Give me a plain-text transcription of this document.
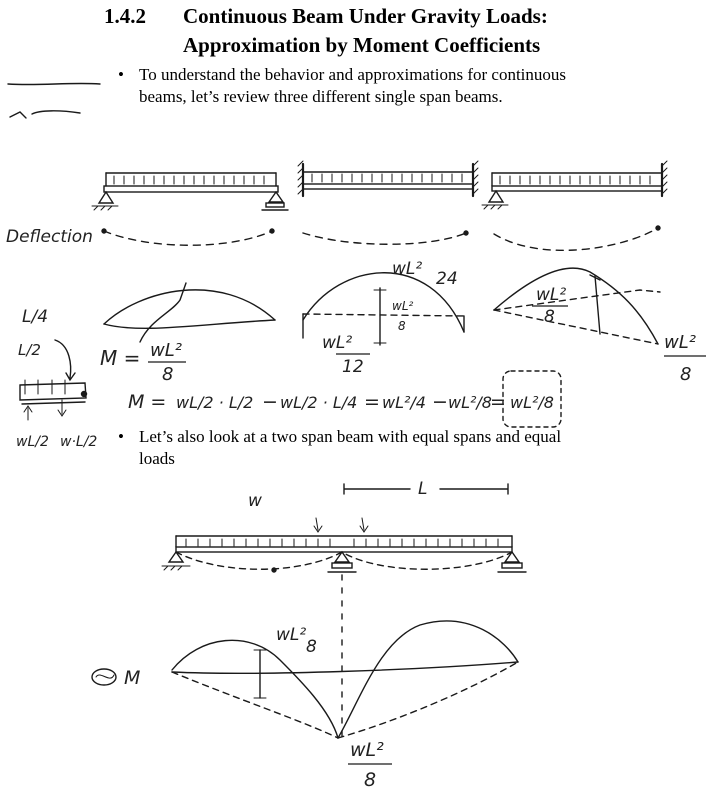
1.4.2 Continuous Beam Under Gravity Loads:
Approximation by Moment Coefficients
• To understand the behavior and approximations for continuous
beams, let’s review three different single span beams.
• Let’s also look at a two span beam with equal spans and equal
loads
Deflection
L/4
M = wL²
8
wL² 24
wL²
8
wL²
12
wL²
8
wL²
8
L/2
wL/2 w·L/2
M = wL/2 · L/2 − wL/2 · L/4 = wL²/4 − wL²/8
= wL²/8
w
L
wL²
8
M
wL²
8
